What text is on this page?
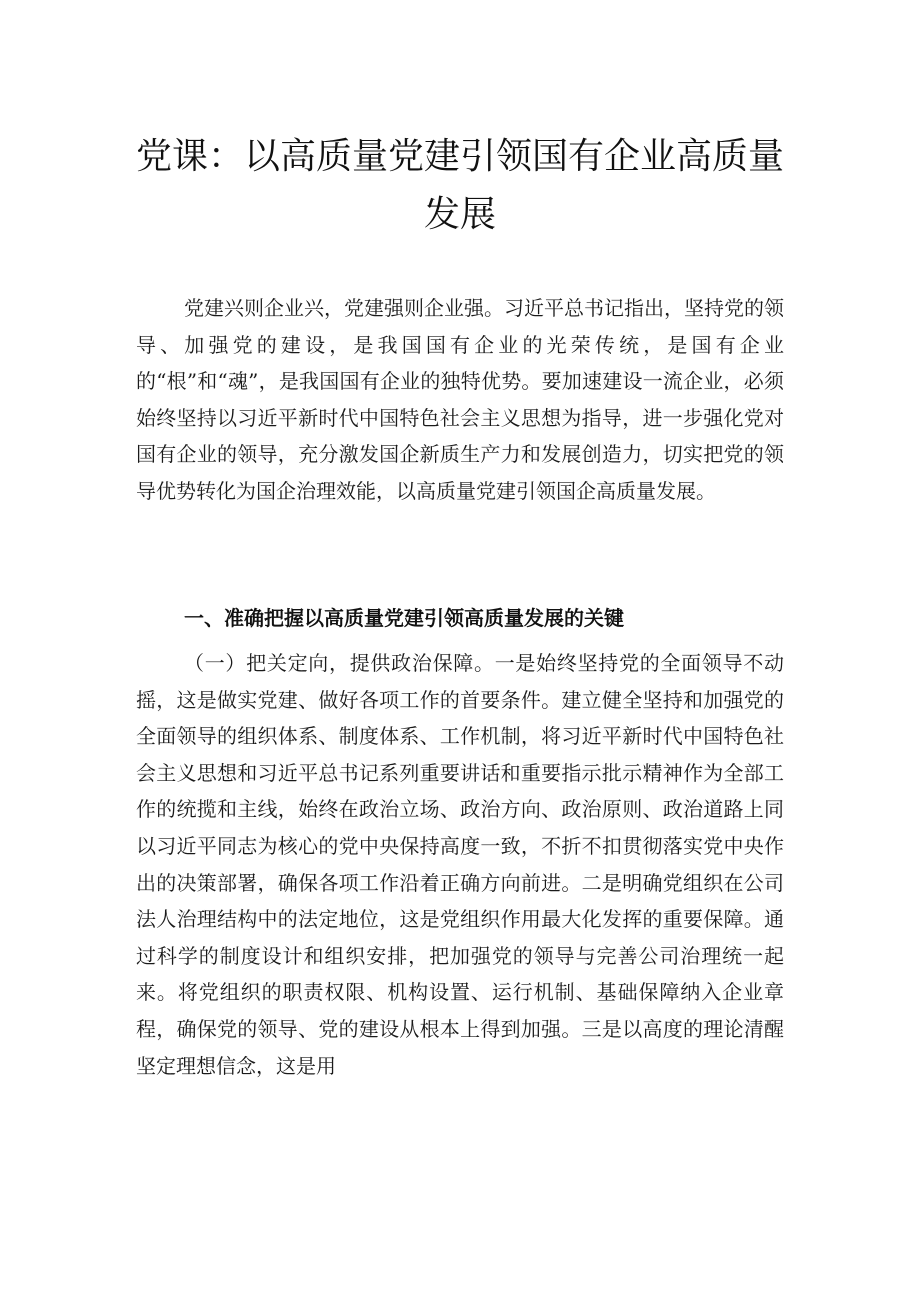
党课：以高质量党建引领国有企业高质量发展

党建兴则企业兴，党建强则企业强。习近平总书记指出，坚持党的领导、加强党的建设，是我国国有企业的光荣传统，是国有企业的“根”和“魂”，是我国国有企业的独特优势。要加速建设一流企业，必须始终坚持以习近平新时代中国特色社会主义思想为指导，进一步强化党对国有企业的领导，充分激发国企新质生产力和发展创造力，切实把党的领导优势转化为国企治理效能，以高质量党建引领国企高质量发展。

一、准确把握以高质量党建引领高质量发展的关键

（一）把关定向，提供政治保障。一是始终坚持党的全面领导不动摇，这是做实党建、做好各项工作的首要条件。建立健全坚持和加强党的全面领导的组织体系、制度体系、工作机制，将习近平新时代中国特色社会主义思想和习近平总书记系列重要讲话和重要指示批示精神作为全部工作的统揽和主线，始终在政治立场、政治方向、政治原则、政治道路上同以习近平同志为核心的党中央保持高度一致，不折不扣贯彻落实党中央作出的决策部署，确保各项工作沿着正确方向前进。二是明确党组织在公司法人治理结构中的法定地位，这是党组织作用最大化发挥的重要保障。通过科学的制度设计和组织安排，把加强党的领导与完善公司治理统一起来。将党组织的职责权限、机构设置、运行机制、基础保障纳入企业章程，确保党的领导、党的建设从根本上得到加强。三是以高度的理论清醒坚定理想信念，这是用
